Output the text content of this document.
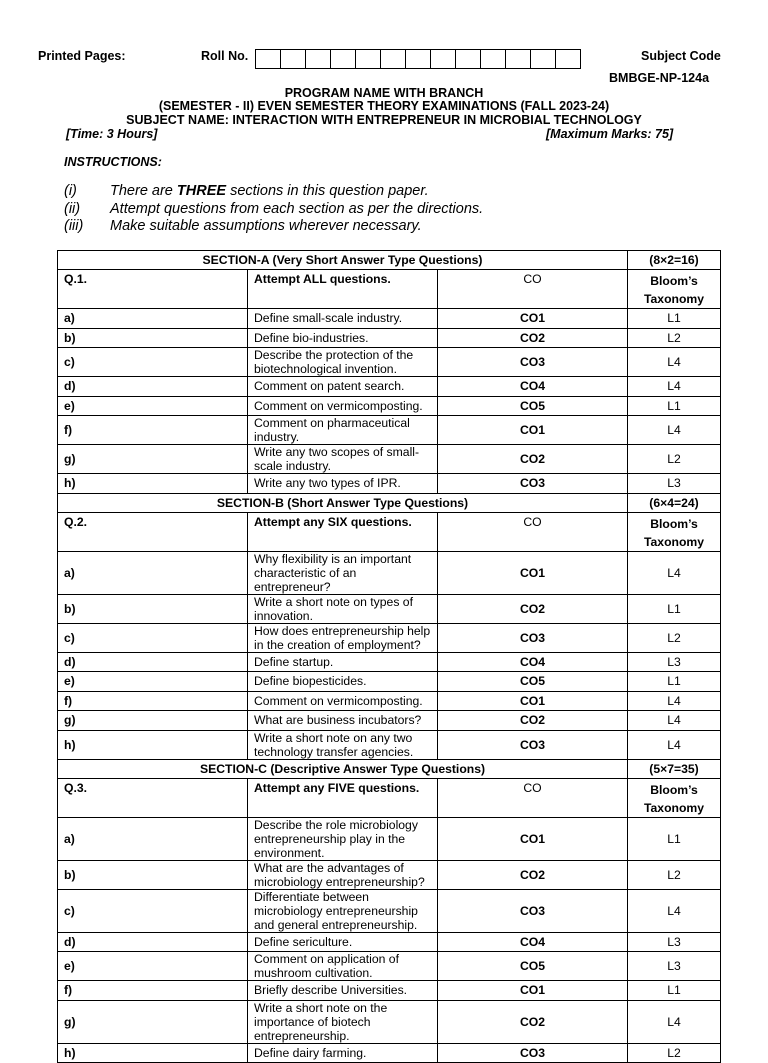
Printed Pages:	Roll No.	Subject Code
BMBGE-NP-124a
PROGRAM NAME WITH BRANCH
(SEMESTER - II) EVEN SEMESTER THEORY EXAMINATIONS (FALL 2023-24)
SUBJECT NAME: INTERACTION WITH ENTREPRENEUR IN MICROBIAL TECHNOLOGY
[Time: 3 Hours]	[Maximum Marks: 75]
INSTRUCTIONS:
(i) There are THREE sections in this question paper.
(ii) Attempt questions from each section as per the directions.
(iii) Make suitable assumptions wherever necessary.
SECTION-A (Very Short Answer Type Questions)			(8×2=16)
Q.1.	Attempt ALL questions.	CO	Bloom’s Taxonomy
a)	Define small-scale industry.	CO1	L1
b)	Define bio-industries.	CO2	L2
c)	Describe the protection of the biotechnological invention.	CO3	L4
d)	Comment on patent search.	CO4	L4
e)	Comment on vermicomposting.	CO5	L1
f)	Comment on pharmaceutical industry.	CO1	L4
g)	Write any two scopes of small-scale industry.	CO2	L2
h)	Write any two types of IPR.	CO3	L3
SECTION-B (Short Answer Type Questions)			(6×4=24)
Q.2.	Attempt any SIX questions.	CO	Bloom’s Taxonomy
a)	Why flexibility is an important characteristic of an entrepreneur?	CO1	L4
b)	Write a short note on types of innovation.	CO2	L1
c)	How does entrepreneurship help in the creation of employment?	CO3	L2
d)	Define startup.	CO4	L3
e)	Define biopesticides.	CO5	L1
f)	Comment on vermicomposting.	CO1	L4
g)	What are business incubators?	CO2	L4
h)	Write a short note on any two technology transfer agencies.	CO3	L4
SECTION-C (Descriptive Answer Type Questions)			(5×7=35)
Q.3.	Attempt any FIVE questions.	CO	Bloom’s Taxonomy
a)	Describe the role microbiology entrepreneurship play in the environment.	CO1	L1
b)	What are the advantages of microbiology entrepreneurship?	CO2	L2
c)	Differentiate between microbiology entrepreneurship and general entrepreneurship.	CO3	L4
d)	Define sericulture.	CO4	L3
e)	Comment on application of mushroom cultivation.	CO5	L3
f)	Briefly describe Universities.	CO1	L1
g)	Write a short note on the importance of biotech entrepreneurship.	CO2	L4
h)	Define dairy farming.	CO3	L2
